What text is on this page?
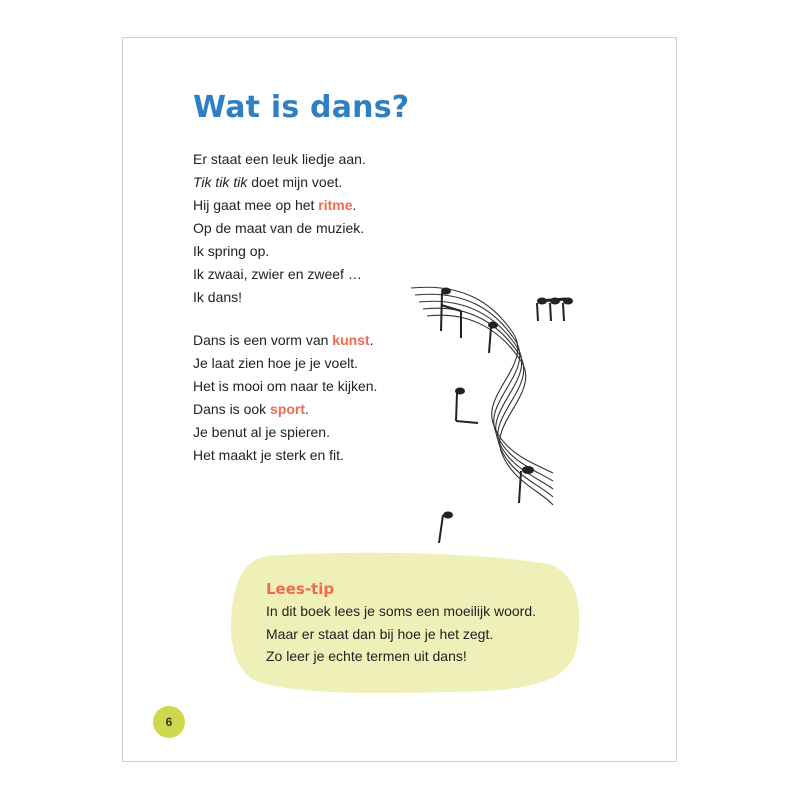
Wat is dans?

Er staat een leuk liedje aan.
Tik tik tik doet mijn voet.
Hij gaat mee op het ritme.
Op de maat van de muziek.
Ik spring op.
Ik zwaai, zwier en zweef …
Ik dans!

Dans is een vorm van kunst.
Je laat zien hoe je je voelt.
Het is mooi om naar te kijken.
Dans is ook sport.
Je benut al je spieren.
Het maakt je sterk en fit.

Lees-tip
In dit boek lees je soms een moeilijk woord.
Maar er staat dan bij hoe je het zegt.
Zo leer je echte termen uit dans!
6
